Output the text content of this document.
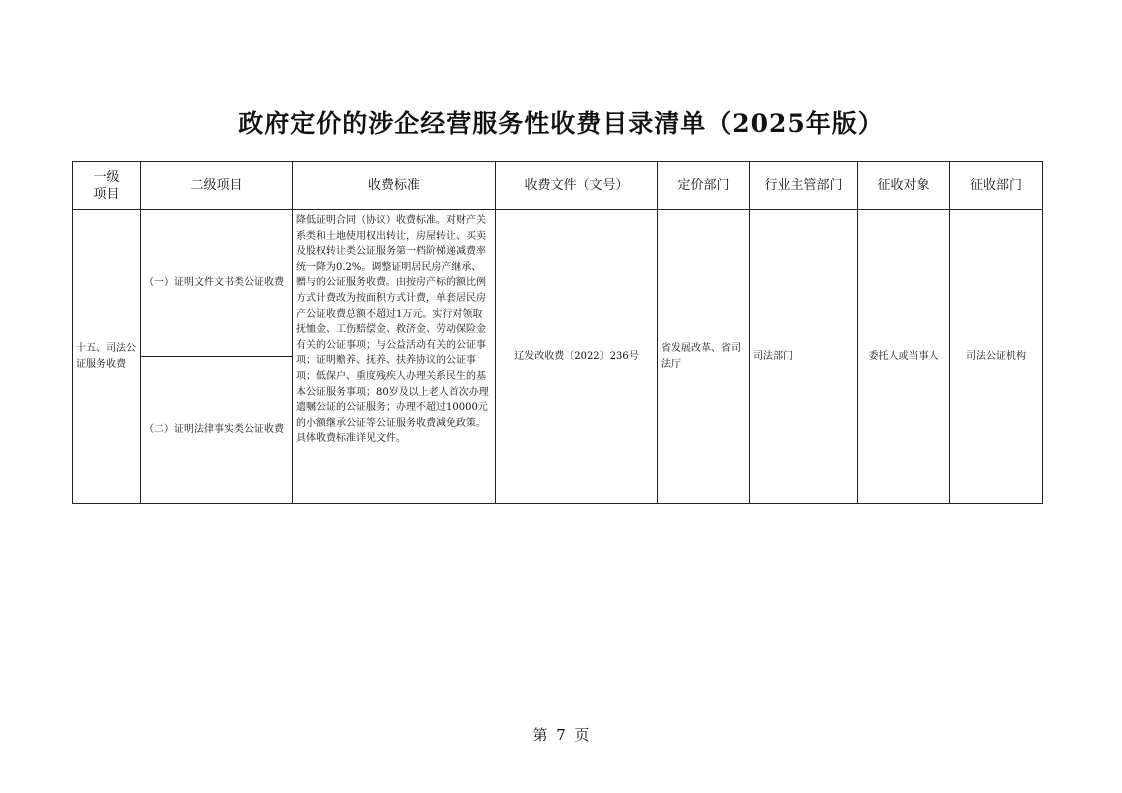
政府定价的涉企经营服务性收费目录清单（2025年版）
一级
项目	二级项目	收费标准	收费文件（文号）	定价部门	行业主管部门	征收对象	征收部门
十五、司法公证服务收费	（一）证明文件文书类公证收费	降低证明合同（协议）收费标准。对财产关系类和土地使用权出转让，房屋转让、买卖及股权转让类公证服务第一档阶梯递减费率统一降为0.2%。调整证明居民房产继承、赠与的公证服务收费。由按房产标的额比例方式计费改为按面积方式计费，单套居民房产公证收费总额不超过1万元。实行对领取抚恤金、工伤赔偿金、救济金、劳动保险金有关的公证事项；与公益活动有关的公证事项；证明赡养、抚养、扶养协议的公证事项；低保户、重度残疾人办理关系民生的基本公证服务事项；80岁及以上老人首次办理遗嘱公证的公证服务；办理不超过10000元的小额继承公证等公证服务收费减免政策。具体收费标准详见文件。	辽发改收费〔2022〕236号	省发展改革、省司法厅	司法部门	委托人或当事人	司法公证机构
	（二）证明法律事实类公证收费						
第 7 页
